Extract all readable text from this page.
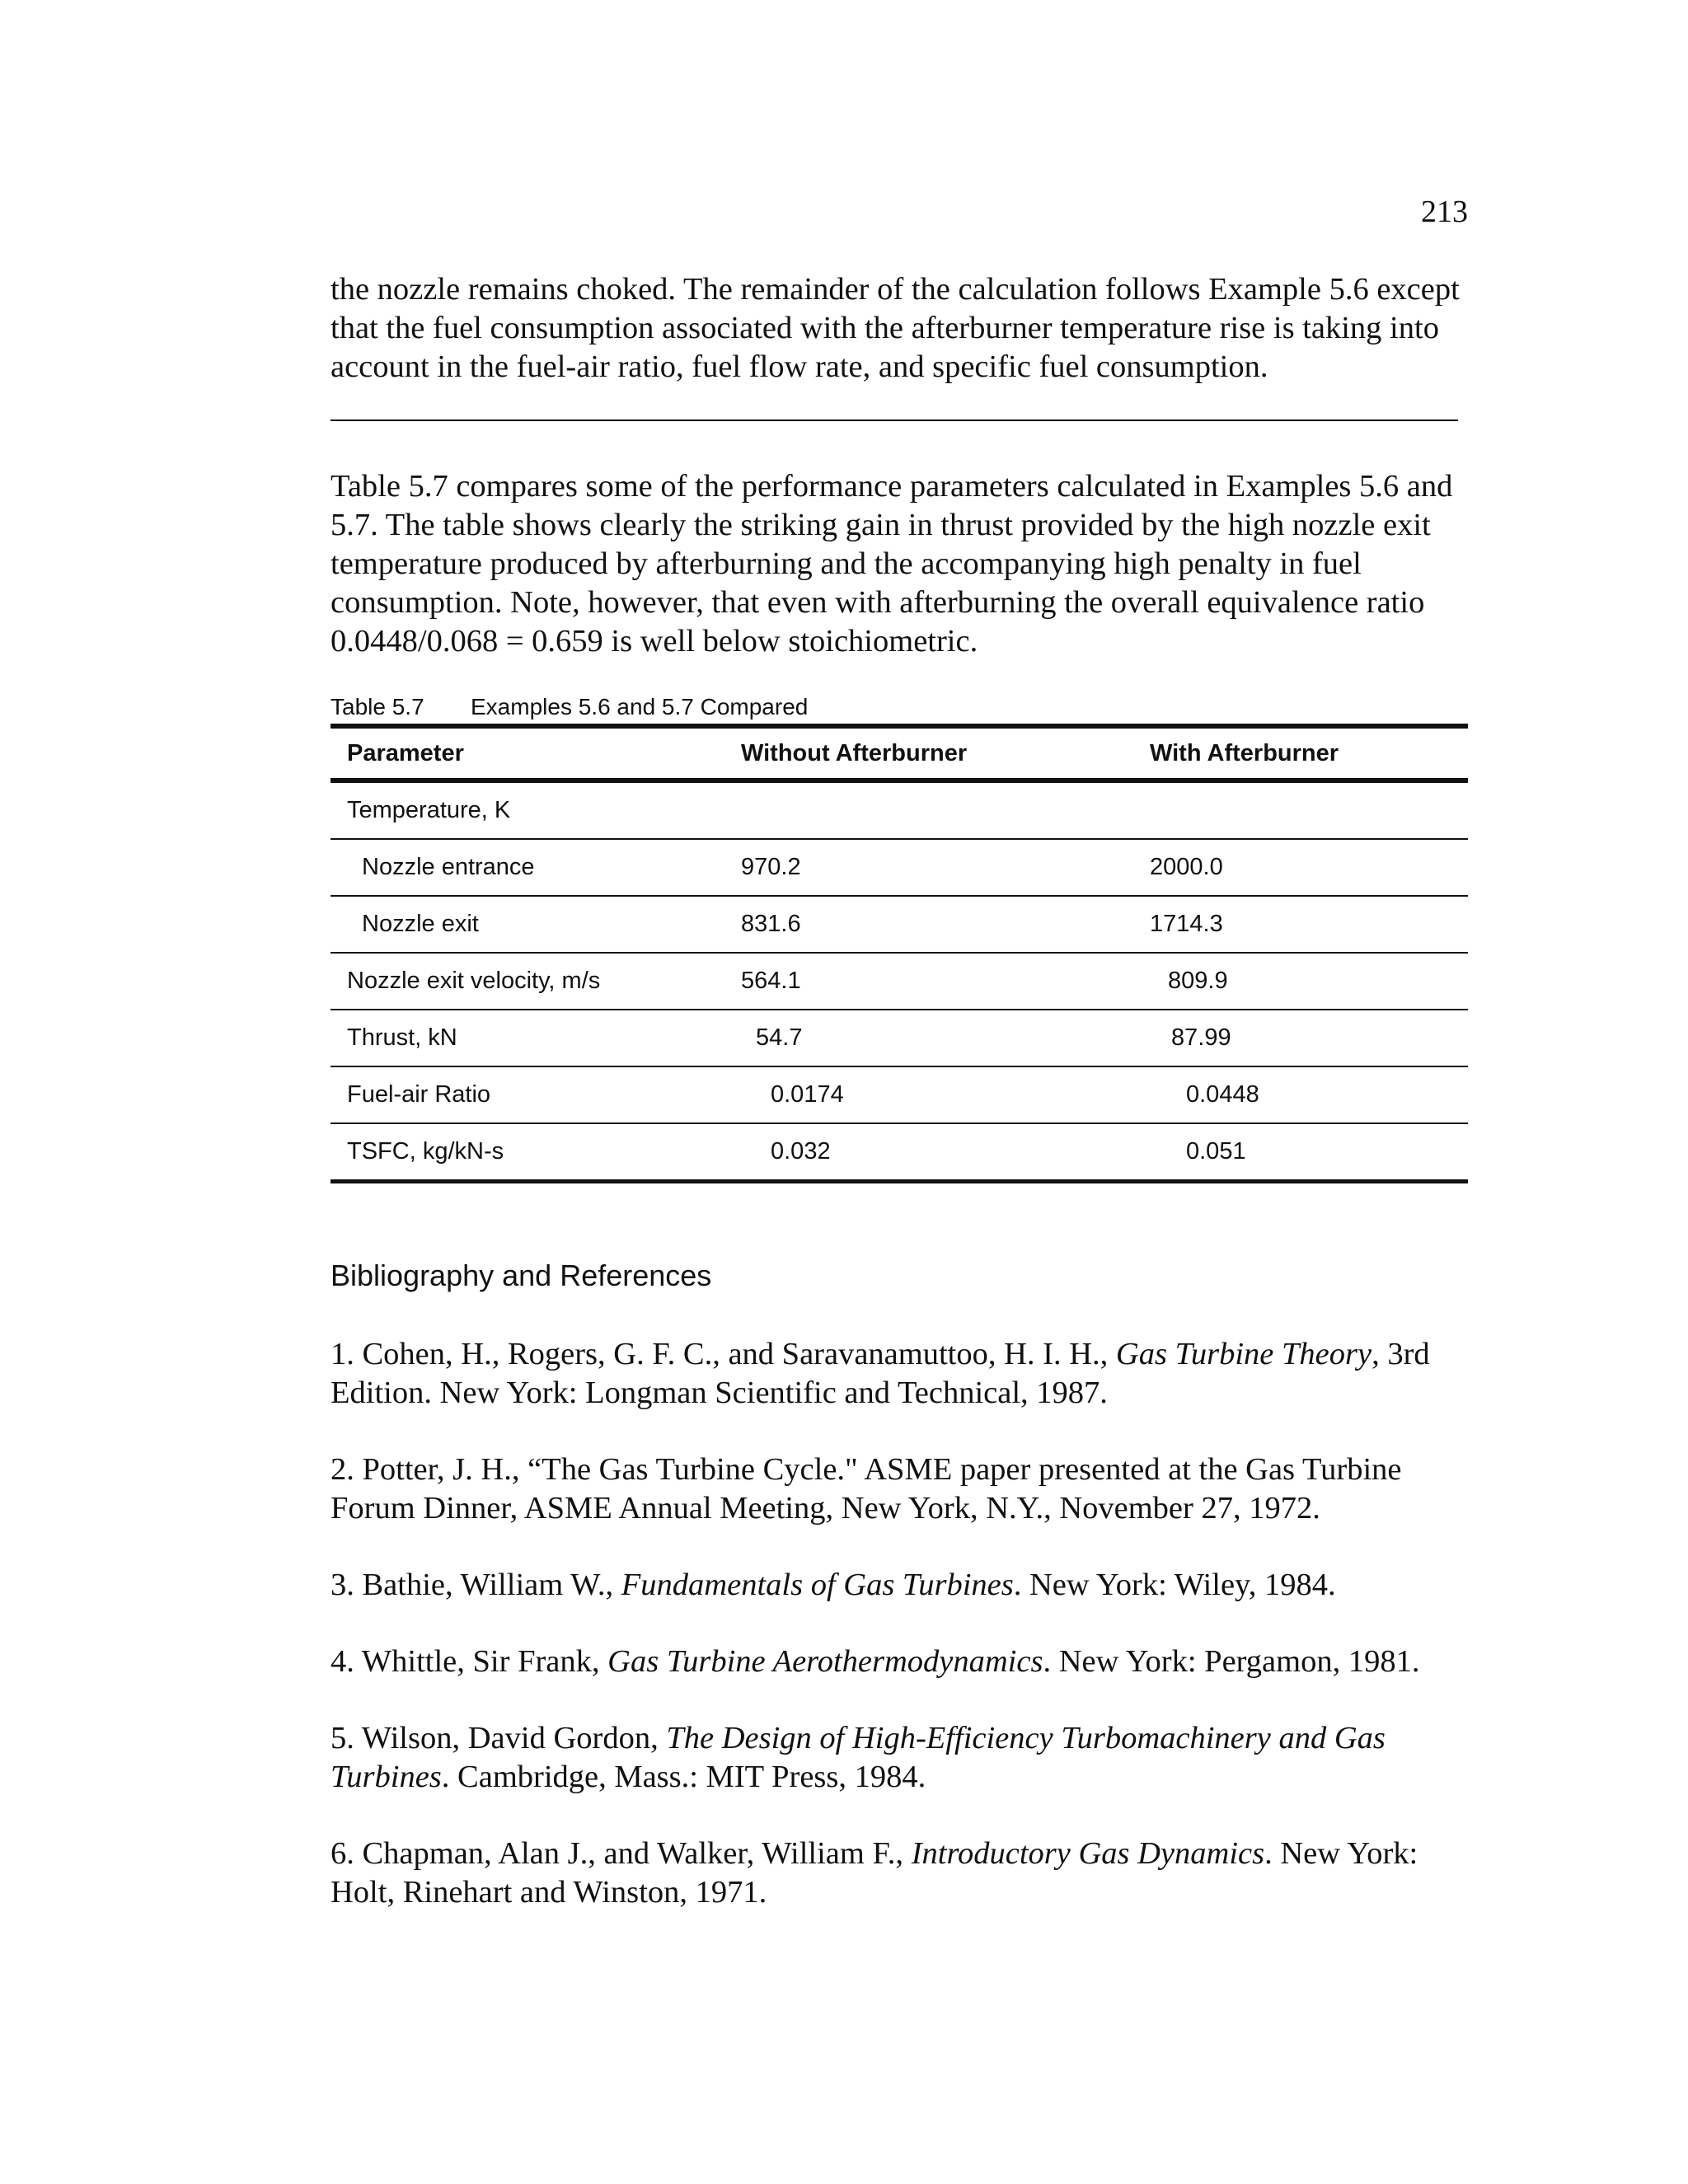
213

the nozzle remains choked. The remainder of the calculation follows Example 5.6 except that the fuel consumption associated with the afterburner temperature rise is taking into account in the fuel-air ratio, fuel flow rate, and specific fuel consumption.

Table 5.7 compares some of the performance parameters calculated in Examples 5.6 and 5.7. The table shows clearly the striking gain in thrust provided by the high nozzle exit temperature produced by afterburning and the accompanying high penalty in fuel consumption. Note, however, that even with afterburning the overall equivalence ratio 0.0448/0.068 = 0.659 is well below stoichiometric.

Table 5.7	Examples 5.6 and 5.7 Compared
Parameter	Without Afterburner	With Afterburner
Temperature, K		
Nozzle entrance	970.2	2000.0
Nozzle exit	831.6	1714.3
Nozzle exit velocity, m/s	564.1	809.9
Thrust, kN	54.7	87.99
Fuel-air Ratio	0.0174	0.0448
TSFC, kg/kN-s	0.032	0.051
Bibliography and References

1. Cohen, H., Rogers, G. F. C., and Saravanamuttoo, H. I. H., Gas Turbine Theory, 3rd Edition. New York: Longman Scientific and Technical, 1987.

2. Potter, J. H., “The Gas Turbine Cycle." ASME paper presented at the Gas Turbine Forum Dinner, ASME Annual Meeting, New York, N.Y., November 27, 1972.

3. Bathie, William W., Fundamentals of Gas Turbines. New York: Wiley, 1984.

4. Whittle, Sir Frank, Gas Turbine Aerothermodynamics. New York: Pergamon, 1981.

5. Wilson, David Gordon, The Design of High-Efficiency Turbomachinery and Gas Turbines. Cambridge, Mass.: MIT Press, 1984.

6. Chapman, Alan J., and Walker, William F., Introductory Gas Dynamics. New York: Holt, Rinehart and Winston, 1971.
